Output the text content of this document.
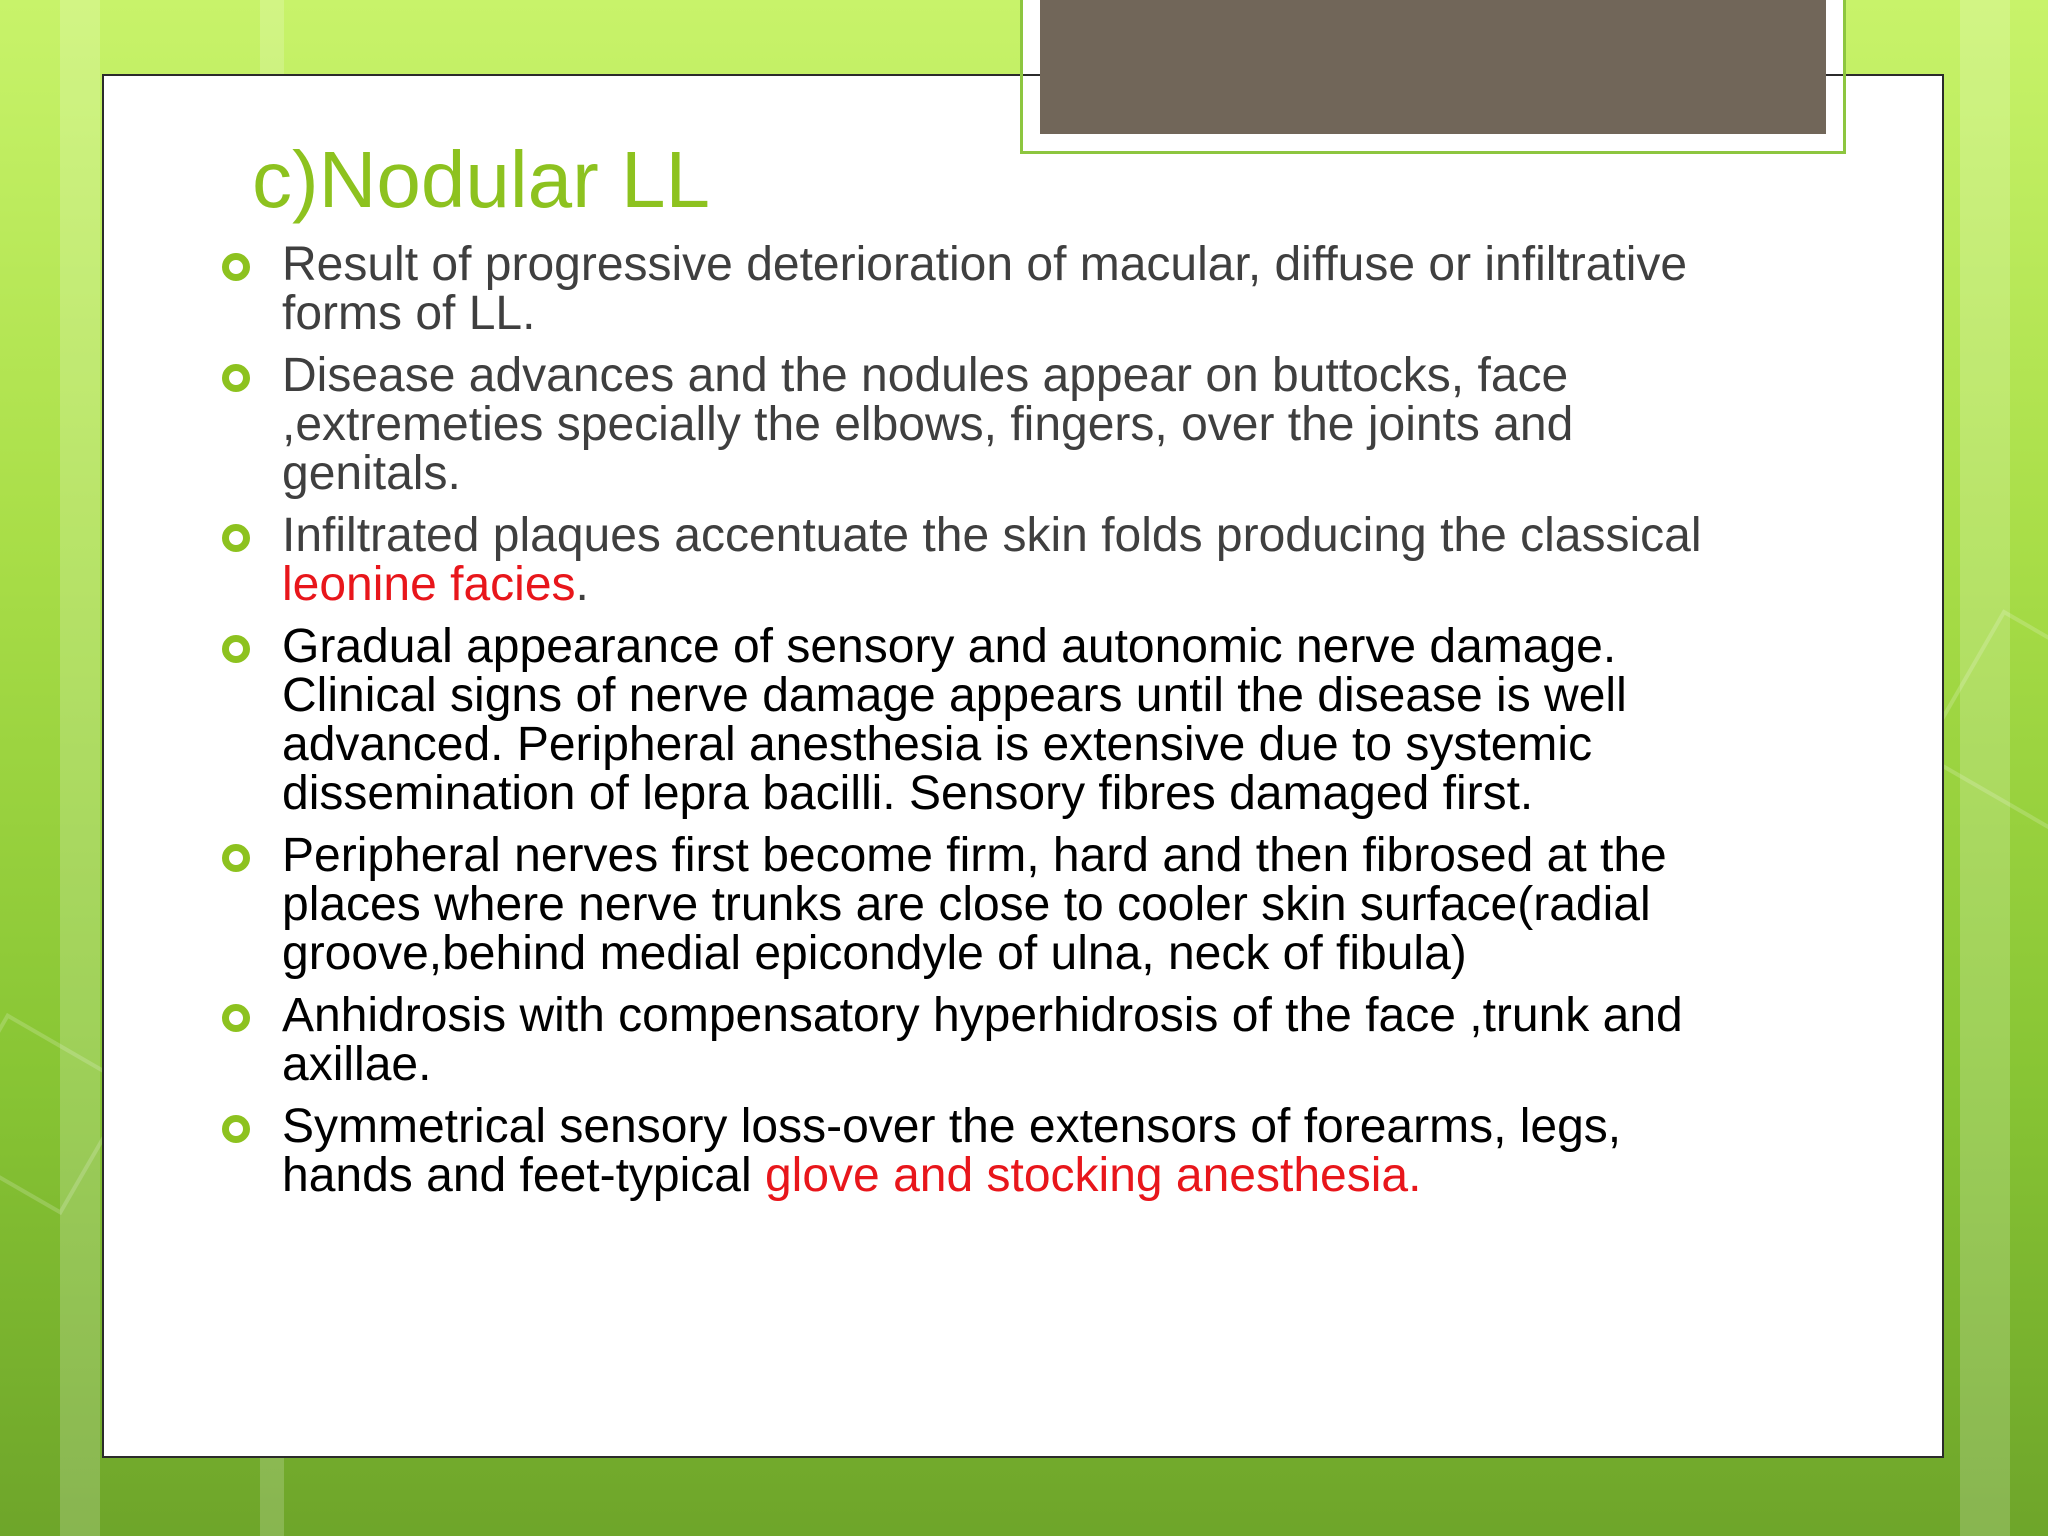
c)Nodular LL
Result of progressive deterioration of macular, diffuse or infiltrative forms of LL.
Disease advances and the nodules appear on buttocks, face ,extremeties specially the elbows, fingers, over the joints and genitals.
Infiltrated plaques accentuate the skin folds producing the classical leonine facies.
Gradual appearance of sensory and autonomic nerve damage. Clinical signs of nerve damage appears until the disease is well advanced. Peripheral anesthesia is extensive due to systemic dissemination of lepra bacilli. Sensory fibres damaged first.
Peripheral nerves first become firm, hard and then fibrosed at the places where nerve trunks are close to cooler skin surface(radial groove,behind medial epicondyle of ulna, neck of fibula)
Anhidrosis with compensatory hyperhidrosis of the face ,trunk and axillae.
Symmetrical sensory loss-over the extensors of forearms, legs, hands and feet-typical glove and stocking anesthesia.
